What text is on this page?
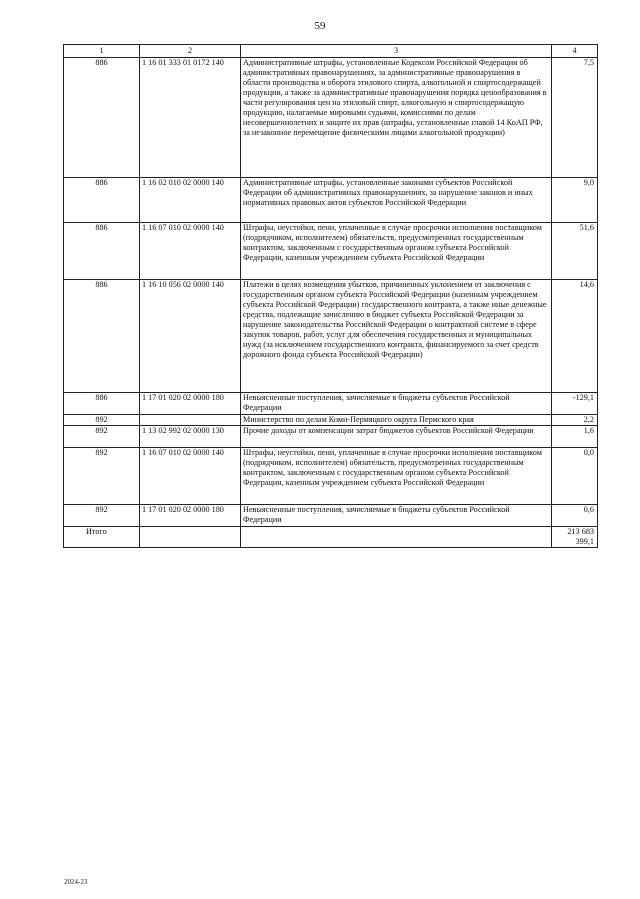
59
1	2	3	4
886	1 16 01 333 01 0172 140	Административные штрафы, установленные Кодексом Российской Федерации об административных правонарушениях, за административные правонарушения в области производства и оборота этилового спирта, алкогольной и спиртосодержащей продукции, а также за административные правонарушения порядка ценообразования в части регулирования цен на этиловый спирт, алкогольную и спиртосодержащую продукцию, налагаемые мировыми судьями, комиссиями по делам несовершеннолетних и защите их прав (штрафы, установленные главой 14 КоАП РФ, за незаконное перемещение физическими лицами алкогольной продукции)	7,5
886	1 16 02 010 02 0000 140	Административные штрафы, установленные законами субъектов Российской Федерации об административных правонарушениях, за нарушение законов и иных нормативных правовых актов субъектов Российской Федерации	9,0
886	1 16 07 010 02 0000 140	Штрафы, неустойки, пени, уплаченные в случае просрочки исполнения поставщиком (подрядчиком, исполнителем) обязательств, предусмотренных государственным контрактом, заключенным с государственным органом субъекта Российской Федерации, казенным учреждением субъекта Российской Федерации	51,6
886	1 16 10 056 02 0000 140	Платежи в целях возмещения убытков, причиненных уклонением от заключения с государственным органом субъекта Российской Федерации (казенным учреждением субъекта Российской Федерации) государственного контракта, а также иные денежные средства, подлежащие зачислению в бюджет субъекта Российской Федерации за нарушение законодательства Российской Федерации о контрактной системе в сфере закупок товаров, работ, услуг для обеспечения государственных и муниципальных нужд (за исключением государственного контракта, финансируемого за счет средств дорожного фонда субъекта Российской Федерации)	14,6
886	1 17 01 020 02 0000 180	Невыясненные поступления, зачисляемые в бюджеты субъектов Российской Федерации	-129,1
892		Министерство по делам Коми-Пермяцкого округа Пермского края	2,2
892	1 13 02 992 02 0000 130	Прочие доходы от компенсации затрат бюджетов субъектов Российской Федерации	1,6
892	1 16 07 010 02 0000 140	Штрафы, неустойки, пени, уплаченные в случае просрочки исполнения поставщиком (подрядчиком, исполнителем) обязательств, предусмотренных государственным контрактом, заключенным с государственным органом субъекта Российской Федерации, казенным учреждением субъекта Российской Федерации	0,0
892	1 17 01 020 02 0000 180	Невыясненные поступления, зачисляемые в бюджеты субъектов Российской Федерации	0,6
Итого			213 683 399,1
2024-23
